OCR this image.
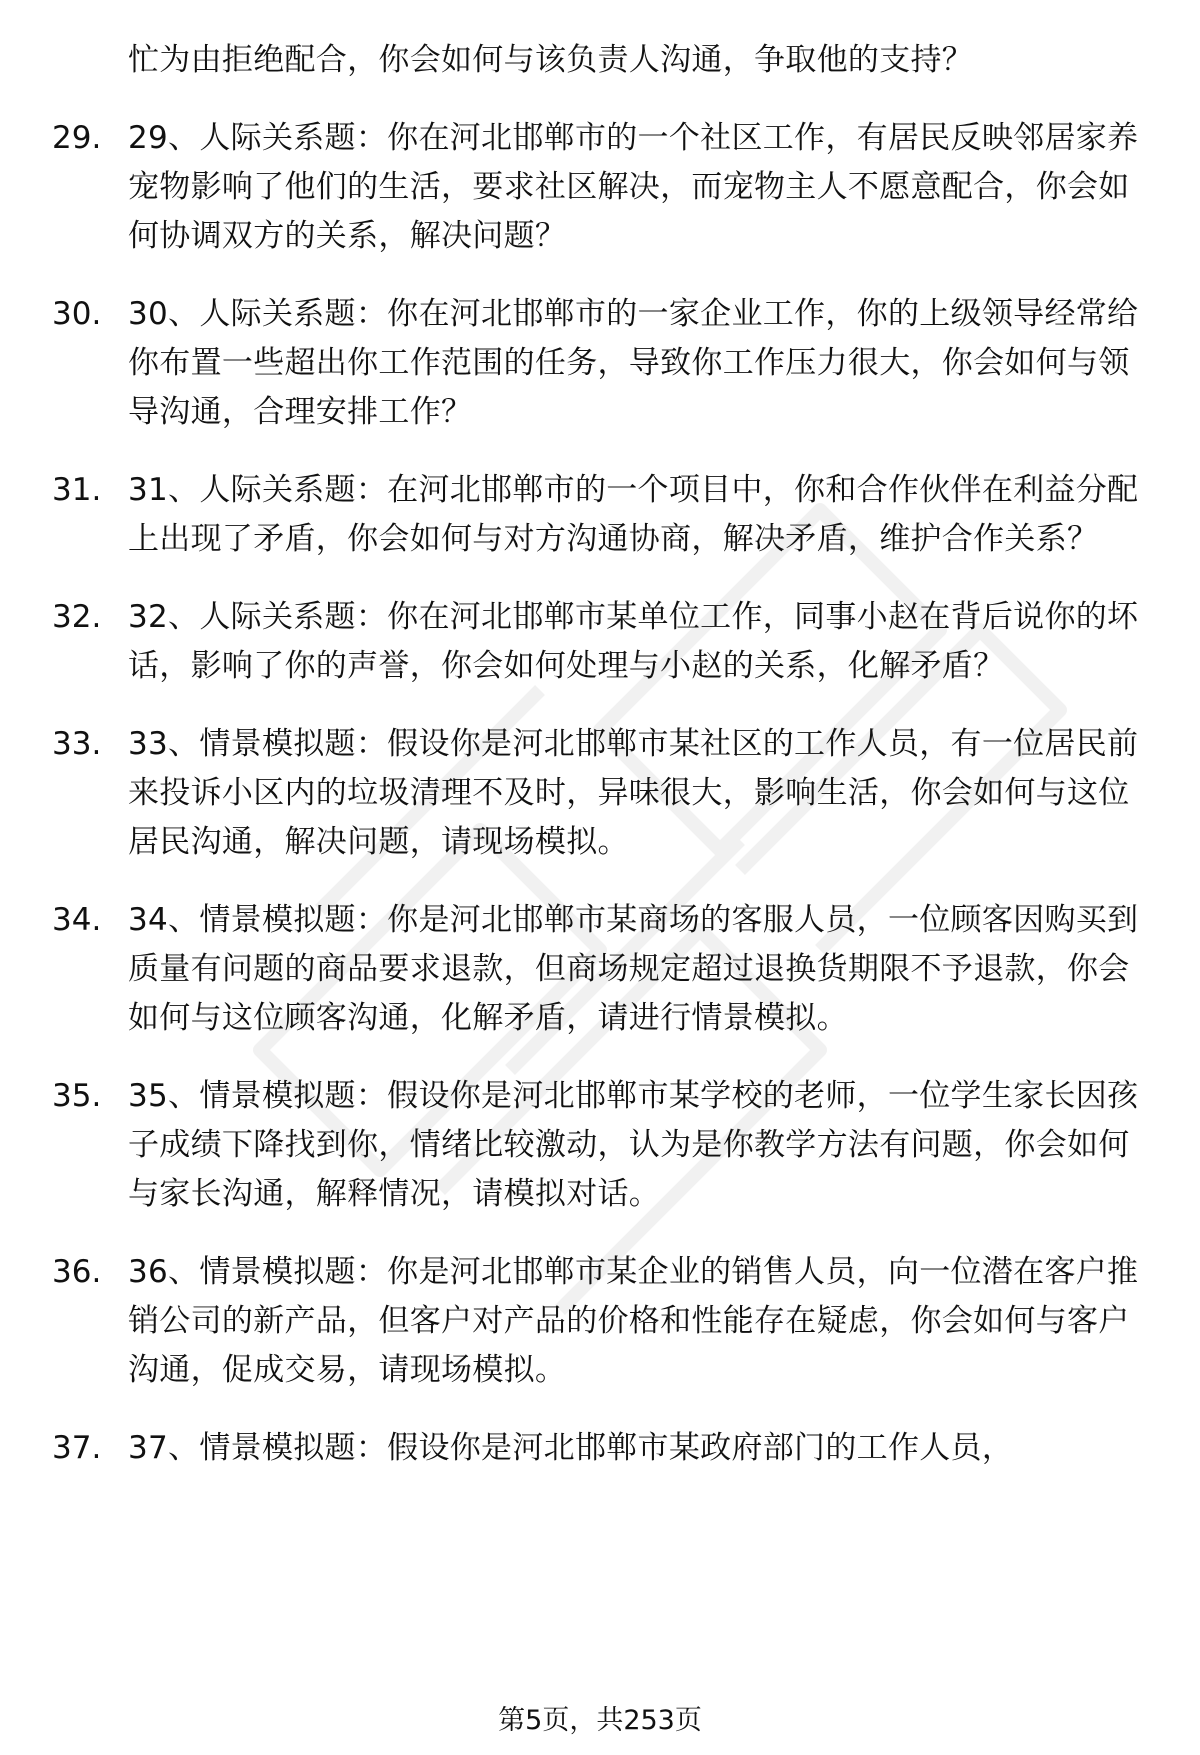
忙为由拒绝配合，你会如何与该负责人沟通，争取他的支持？
29. 29、人际关系题：你在河北邯郸市的一个社区工作，有居民反映邻居家养宠物影响了他们的生活，要求社区解决，而宠物主人不愿意配合，你会如何协调双方的关系，解决问题？
30. 30、人际关系题：你在河北邯郸市的一家企业工作，你的上级领导经常给你布置一些超出你工作范围的任务，导致你工作压力很大，你会如何与领导沟通，合理安排工作？
31. 31、人际关系题：在河北邯郸市的一个项目中，你和合作伙伴在利益分配上出现了矛盾，你会如何与对方沟通协商，解决矛盾，维护合作关系？
32. 32、人际关系题：你在河北邯郸市某单位工作，同事小赵在背后说你的坏话，影响了你的声誉，你会如何处理与小赵的关系，化解矛盾？
33. 33、情景模拟题：假设你是河北邯郸市某社区的工作人员，有一位居民前来投诉小区内的垃圾清理不及时，异味很大，影响生活，你会如何与这位居民沟通，解决问题，请现场模拟。
34. 34、情景模拟题：你是河北邯郸市某商场的客服人员，一位顾客因购买到质量有问题的商品要求退款，但商场规定超过退换货期限不予退款，你会如何与这位顾客沟通，化解矛盾，请进行情景模拟。
35. 35、情景模拟题：假设你是河北邯郸市某学校的老师，一位学生家长因孩子成绩下降找到你，情绪比较激动，认为是你教学方法有问题，你会如何与家长沟通，解释情况，请模拟对话。
36. 36、情景模拟题：你是河北邯郸市某企业的销售人员，向一位潜在客户推销公司的新产品，但客户对产品的价格和性能存在疑虑，你会如何与客户沟通，促成交易，请现场模拟。
37. 37、情景模拟题：假设你是河北邯郸市某政府部门的工作人员，
第5页，共253页
